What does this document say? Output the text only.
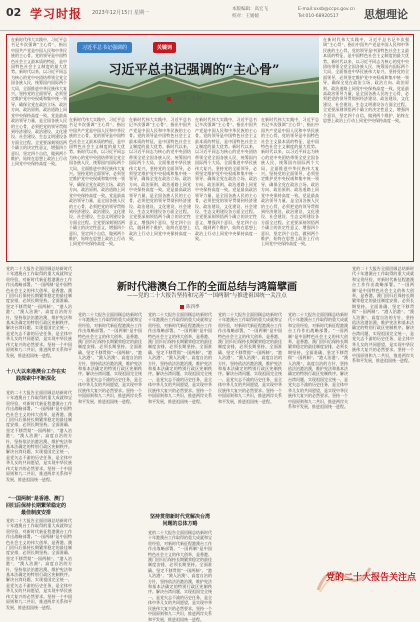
02 学习时报 2023年12月15日 星期一
本版编辑：高宏飞
校对：王媛媛
E-mail:xxsb@ccps.gov.cn
Tel:010-68920517	思想理论
习近平总书记强调的	关键词
习近平总书记强调的“主心骨”
吕吕春　黄 瑞
在新时代伟大实践中，习近平总书记多次强调“主心骨”，指出中国共产党是中国人民和中华民族的主心骨。党的领导是中国特色社会主义最本质的特征，是中国特色社会主义制度的最大优势。新时代以来，以习近平同志为核心的党中央团结带领全党全国各族人民，统筹国内国际两个大局，全面推进中华民族伟大复兴。坚持党的全面领导，必须坚定维护党中央权威和集中统一领导，确保全党在政治立场、政治方向、政治原则、政治道路上同党中央保持高度一致。党是最高政治领导力量，是全国各族人民的主心骨，必须把党的领导贯彻到经济建设、政治建设、文化建设、社会建设、生态文明建设各方面全过程。全党要深刻领悟两个确立的决定性意义，增强四个意识，坚定四个自信，做到两个维护，始终在思想上政治上行动上同党中央保持高度一致。
在新时代伟大实践中，习近平总书记多次强调“主心骨”，指出中国共产党是中国人民和中华民族的主心骨。党的领导是中国特色社会主义最本质的特征，是中国特色社会主义制度的最大优势。新时代以来，以习近平同志为核心的党中央团结带领全党全国各族人民，统筹国内国际两个大局，全面推进中华民族伟大复兴。坚持党的全面领导，必须坚定维护党中央权威和集中统一领导，确保全党在政治立场、政治方向、政治原则、政治道路上同党中央保持高度一致。党是最高政治领导力量，是全国各族人民的主心骨，必须把党的领导贯彻到经济建设、政治建设、文化建设、社会建设、生态文明建设各方面全过程。全党要深刻领悟两个确立的决定性意义，增强四个意识，坚定四个自信，做到两个维护，始终在思想上政治上行动上同党中央保持高度一致。
在新时代伟大实践中，习近平总书记多次强调“主心骨”，指出中国共产党是中国人民和中华民族的主心骨。党的领导是中国特色社会主义最本质的特征，是中国特色社会主义制度的最大优势。新时代以来，以习近平同志为核心的党中央团结带领全党全国各族人民，统筹国内国际两个大局，全面推进中华民族伟大复兴。坚持党的全面领导，必须坚定维护党中央权威和集中统一领导，确保全党在政治立场、政治方向、政治原则、政治道路上同党中央保持高度一致。党是最高政治领导力量，是全国各族人民的主心骨，必须把党的领导贯彻到经济建设、政治建设、文化建设、社会建设、生态文明建设各方面全过程。全党要深刻领悟两个确立的决定性意义，增强四个意识，坚定四个自信，做到两个维护，始终在思想上政治上行动上同党中央保持高度一致。
在新时代伟大实践中，习近平总书记多次强调“主心骨”，指出中国共产党是中国人民和中华民族的主心骨。党的领导是中国特色社会主义最本质的特征，是中国特色社会主义制度的最大优势。新时代以来，以习近平同志为核心的党中央团结带领全党全国各族人民，统筹国内国际两个大局，全面推进中华民族伟大复兴。坚持党的全面领导，必须坚定维护党中央权威和集中统一领导，确保全党在政治立场、政治方向、政治原则、政治道路上同党中央保持高度一致。党是最高政治领导力量，是全国各族人民的主心骨，必须把党的领导贯彻到经济建设、政治建设、文化建设、社会建设、生态文明建设各方面全过程。全党要深刻领悟两个确立的决定性意义，增强四个意识，坚定四个自信，做到两个维护，始终在思想上政治上行动上同党中央保持高度一致。
在新时代伟大实践中，习近平总书记多次强调“主心骨”，指出中国共产党是中国人民和中华民族的主心骨。党的领导是中国特色社会主义最本质的特征，是中国特色社会主义制度的最大优势。新时代以来，以习近平同志为核心的党中央团结带领全党全国各族人民，统筹国内国际两个大局，全面推进中华民族伟大复兴。坚持党的全面领导，必须坚定维护党中央权威和集中统一领导，确保全党在政治立场、政治方向、政治原则、政治道路上同党中央保持高度一致。党是最高政治领导力量，是全国各族人民的主心骨，必须把党的领导贯彻到经济建设、政治建设、文化建设、社会建设、生态文明建设各方面全过程。全党要深刻领悟两个确立的决定性意义，增强四个意识，坚定四个自信，做到两个维护，始终在思想上政治上行动上同党中央保持高度一致。
在新时代伟大实践中，习近平总书记多次强调“主心骨”，指出中国共产党是中国人民和中华民族的主心骨。党的领导是中国特色社会主义最本质的特征，是中国特色社会主义制度的最大优势。新时代以来，以习近平同志为核心的党中央团结带领全党全国各族人民，统筹国内国际两个大局，全面推进中华民族伟大复兴。坚持党的全面领导，必须坚定维护党中央权威和集中统一领导，确保全党在政治立场、政治方向、政治原则、政治道路上同党中央保持高度一致。党是最高政治领导力量，是全国各族人民的主心骨，必须把党的领导贯彻到经济建设、政治建设、文化建设、社会建设、生态文明建设各方面全过程。全党要深刻领悟两个确立的决定性意义，增强四个意识，坚定四个自信，做到两个维护，始终在思想上政治上行动上同党中央保持高度一致。
新时代港澳台工作的全面总结与鸿篇擘画
——党的二十大报告坚持和完善“一国两制”与推进祖国统一关注点
陈四季
党的二十大报告全面回顾总结新时代十年港澳台工作取得的重大成就和宝贵经验，对新时代新征程港澳台工作作出战略部署。“一国两制”是中国特色社会主义的伟大创举，是香港、澳门回归后保持长期繁荣稳定的最佳制度安排，必须长期坚持。全面准确、坚定不移贯彻“一国两制”、“港人治港”、“澳人治澳”、高度自治的方针，坚持依法治港治澳，维护宪法和基本法确定的特别行政区宪制秩序。解决台湾问题、实现祖国完全统一，是党矢志不渝的历史任务，是全体中华儿女的共同愿望，是实现中华民族伟大复兴的必然要求。坚持一个中国原则和九二共识，推进两岸关系和平发展，推进祖国统一进程。
十八大以来港澳台工作在实践探索中不断深化
党的二十大报告全面回顾总结新时代十年港澳台工作取得的重大成就和宝贵经验，对新时代新征程港澳台工作作出战略部署。“一国两制”是中国特色社会主义的伟大创举，是香港、澳门回归后保持长期繁荣稳定的最佳制度安排，必须长期坚持。全面准确、坚定不移贯彻“一国两制”、“港人治港”、“澳人治澳”、高度自治的方针，坚持依法治港治澳，维护宪法和基本法确定的特别行政区宪制秩序。解决台湾问题、实现祖国完全统一，是党矢志不渝的历史任务，是全体中华儿女的共同愿望，是实现中华民族伟大复兴的必然要求。坚持一个中国原则和九二共识，推进两岸关系和平发展，推进祖国统一进程。
“一国两制”是香港、澳门回归后保持长期繁荣稳定的最佳制度安排
党的二十大报告全面回顾总结新时代十年港澳台工作取得的重大成就和宝贵经验，对新时代新征程港澳台工作作出战略部署。“一国两制”是中国特色社会主义的伟大创举，是香港、澳门回归后保持长期繁荣稳定的最佳制度安排，必须长期坚持。全面准确、坚定不移贯彻“一国两制”、“港人治港”、“澳人治澳”、高度自治的方针，坚持依法治港治澳，维护宪法和基本法确定的特别行政区宪制秩序。解决台湾问题、实现祖国完全统一，是党矢志不渝的历史任务，是全体中华儿女的共同愿望，是实现中华民族伟大复兴的必然要求。坚持一个中国原则和九二共识，推进两岸关系和平发展，推进祖国统一进程。
党的二十大报告全面回顾总结新时代十年港澳台工作取得的重大成就和宝贵经验，对新时代新征程港澳台工作作出战略部署。“一国两制”是中国特色社会主义的伟大创举，是香港、澳门回归后保持长期繁荣稳定的最佳制度安排，必须长期坚持。全面准确、坚定不移贯彻“一国两制”、“港人治港”、“澳人治澳”、高度自治的方针，坚持依法治港治澳，维护宪法和基本法确定的特别行政区宪制秩序。解决台湾问题、实现祖国完全统一，是党矢志不渝的历史任务，是全体中华儿女的共同愿望，是实现中华民族伟大复兴的必然要求。坚持一个中国原则和九二共识，推进两岸关系和平发展，推进祖国统一进程。
党的二十大报告全面回顾总结新时代十年港澳台工作取得的重大成就和宝贵经验，对新时代新征程港澳台工作作出战略部署。“一国两制”是中国特色社会主义的伟大创举，是香港、澳门回归后保持长期繁荣稳定的最佳制度安排，必须长期坚持。全面准确、坚定不移贯彻“一国两制”、“港人治港”、“澳人治澳”、高度自治的方针，坚持依法治港治澳，维护宪法和基本法确定的特别行政区宪制秩序。解决台湾问题、实现祖国完全统一，是党矢志不渝的历史任务，是全体中华儿女的共同愿望，是实现中华民族伟大复兴的必然要求。坚持一个中国原则和九二共识，推进两岸关系和平发展，推进祖国统一进程。
坚持贯彻新时代党解决台湾问题的总体方略
党的二十大报告全面回顾总结新时代十年港澳台工作取得的重大成就和宝贵经验，对新时代新征程港澳台工作作出战略部署。“一国两制”是中国特色社会主义的伟大创举，是香港、澳门回归后保持长期繁荣稳定的最佳制度安排，必须长期坚持。全面准确、坚定不移贯彻“一国两制”、“港人治港”、“澳人治澳”、高度自治的方针，坚持依法治港治澳，维护宪法和基本法确定的特别行政区宪制秩序。解决台湾问题、实现祖国完全统一，是党矢志不渝的历史任务，是全体中华儿女的共同愿望，是实现中华民族伟大复兴的必然要求。坚持一个中国原则和九二共识，推进两岸关系和平发展，推进祖国统一进程。
党的二十大报告全面回顾总结新时代十年港澳台工作取得的重大成就和宝贵经验，对新时代新征程港澳台工作作出战略部署。“一国两制”是中国特色社会主义的伟大创举，是香港、澳门回归后保持长期繁荣稳定的最佳制度安排，必须长期坚持。全面准确、坚定不移贯彻“一国两制”、“港人治港”、“澳人治澳”、高度自治的方针，坚持依法治港治澳，维护宪法和基本法确定的特别行政区宪制秩序。解决台湾问题、实现祖国完全统一，是党矢志不渝的历史任务，是全体中华儿女的共同愿望，是实现中华民族伟大复兴的必然要求。坚持一个中国原则和九二共识，推进两岸关系和平发展，推进祖国统一进程。
党的二十大报告全面回顾总结新时代十年港澳台工作取得的重大成就和宝贵经验，对新时代新征程港澳台工作作出战略部署。“一国两制”是中国特色社会主义的伟大创举，是香港、澳门回归后保持长期繁荣稳定的最佳制度安排，必须长期坚持。全面准确、坚定不移贯彻“一国两制”、“港人治港”、“澳人治澳”、高度自治的方针，坚持依法治港治澳，维护宪法和基本法确定的特别行政区宪制秩序。解决台湾问题、实现祖国完全统一，是党矢志不渝的历史任务，是全体中华儿女的共同愿望，是实现中华民族伟大复兴的必然要求。坚持一个中国原则和九二共识，推进两岸关系和平发展，推进祖国统一进程。
党的二十大报告全面回顾总结新时代十年港澳台工作取得的重大成就和宝贵经验，对新时代新征程港澳台工作作出战略部署。“一国两制”是中国特色社会主义的伟大创举，是香港、澳门回归后保持长期繁荣稳定的最佳制度安排，必须长期坚持。全面准确、坚定不移贯彻“一国两制”、“港人治港”、“澳人治澳”、高度自治的方针，坚持依法治港治澳，维护宪法和基本法确定的特别行政区宪制秩序。解决台湾问题、实现祖国完全统一，是党矢志不渝的历史任务，是全体中华儿女的共同愿望，是实现中华民族伟大复兴的必然要求。坚持一个中国原则和九二共识，推进两岸关系和平发展，推进祖国统一进程。
党的二十大报告关注点
